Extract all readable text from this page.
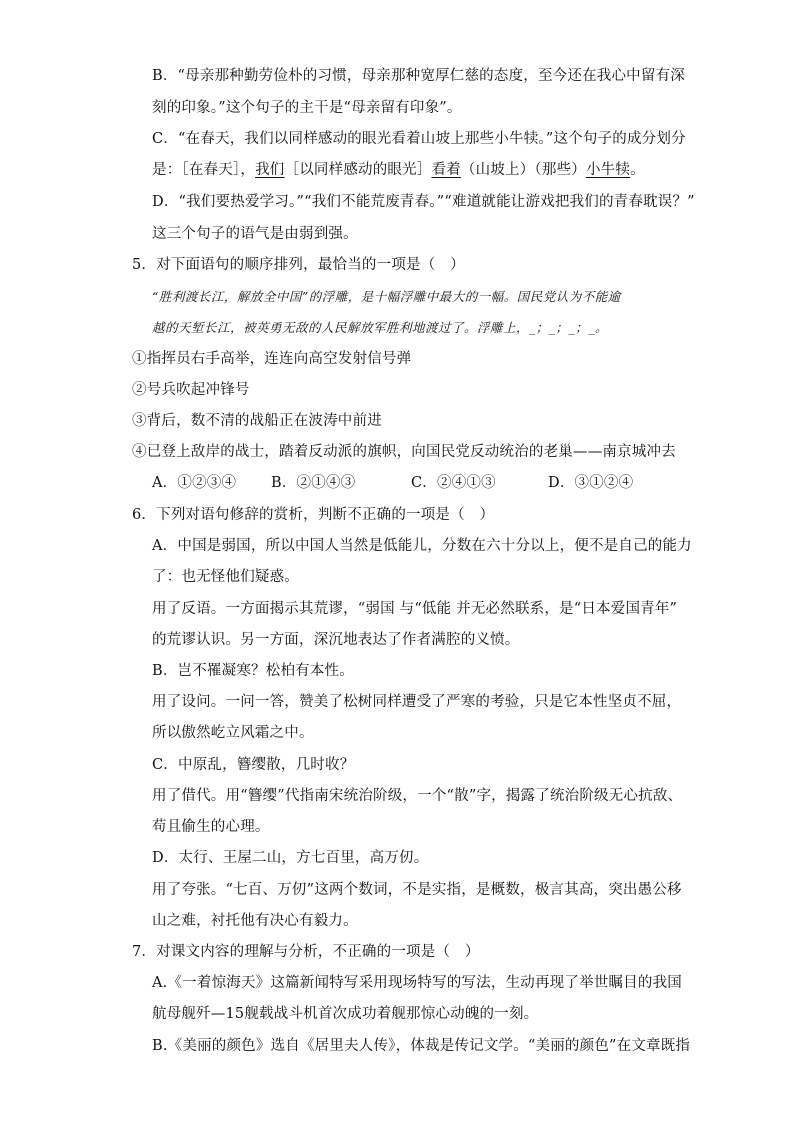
B．“母亲那种勤劳俭朴的习惯，母亲那种宽厚仁慈的态度，至今还在我心中留有深
刻的印象。”这个句子的主干是“母亲留有印象”。
C．“在春天，我们以同样感动的眼光看着山坡上那些小牛犊。”这个句子的成分划分
是：［在春天］，我们［以同样感动的眼光］看着（山坡上）（那些）小牛犊。
D．“我们要热爱学习。”“我们不能荒废青春。”“难道就能让游戏把我们的青春耽误？”
这三个句子的语气是由弱到强。
5．对下面语句的顺序排列，最恰当的一项是（　）
“胜利渡长江，解放全中国”的浮雕，是十幅浮雕中最大的一幅。国民党认为不能逾
越的天堑长江，被英勇无敌的人民解放军胜利地渡过了。浮雕上，_；_；_；_。
①指挥员右手高举，连连向高空发射信号弹
②号兵吹起冲锋号
③背后，数不清的战船正在波涛中前进
④已登上敌岸的战士，踏着反动派的旗帜，向国民党反动统治的老巢——南京城冲去
A．①②③④ B．②①④③	C．②④①③	D．③①②④
6．下列对语句修辞的赏析，判断不正确的一项是（　）
A．中国是弱国，所以中国人当然是低能儿，分数在六十分以上，便不是自己的能力
了：也无怪他们疑惑。
用了反语。一方面揭示其荒谬，“弱国 与“低能 并无必然联系，是“日本爱国青年”
的荒谬认识。另一方面，深沉地表达了作者满腔的义愤。
B．岂不罹凝寒？松柏有本性。
用了设问。一问一答，赞美了松树同样遭受了严寒的考验，只是它本性坚贞不屈，
所以傲然屹立风霜之中。
C．中原乱，簪缨散，几时收？
用了借代。用“簪缨”代指南宋统治阶级，一个“散”字，揭露了统治阶级无心抗敌、
苟且偷生的心理。
D．太行、王屋二山，方七百里，高万仞。
用了夸张。“七百、万仞”这两个数词，不是实指，是概数，极言其高，突出愚公移
山之难，衬托他有决心有毅力。
7．对课文内容的理解与分析，不正确的一项是（　）
A.《一着惊海天》这篇新闻特写采用现场特写的写法，生动再现了举世瞩目的我国
航母舰歼—15舰载战斗机首次成功着舰那惊心动魄的一刻。
B.《美丽的颜色》选自《居里夫人传》，体裁是传记文学。“美丽的颜色”在文章既指
